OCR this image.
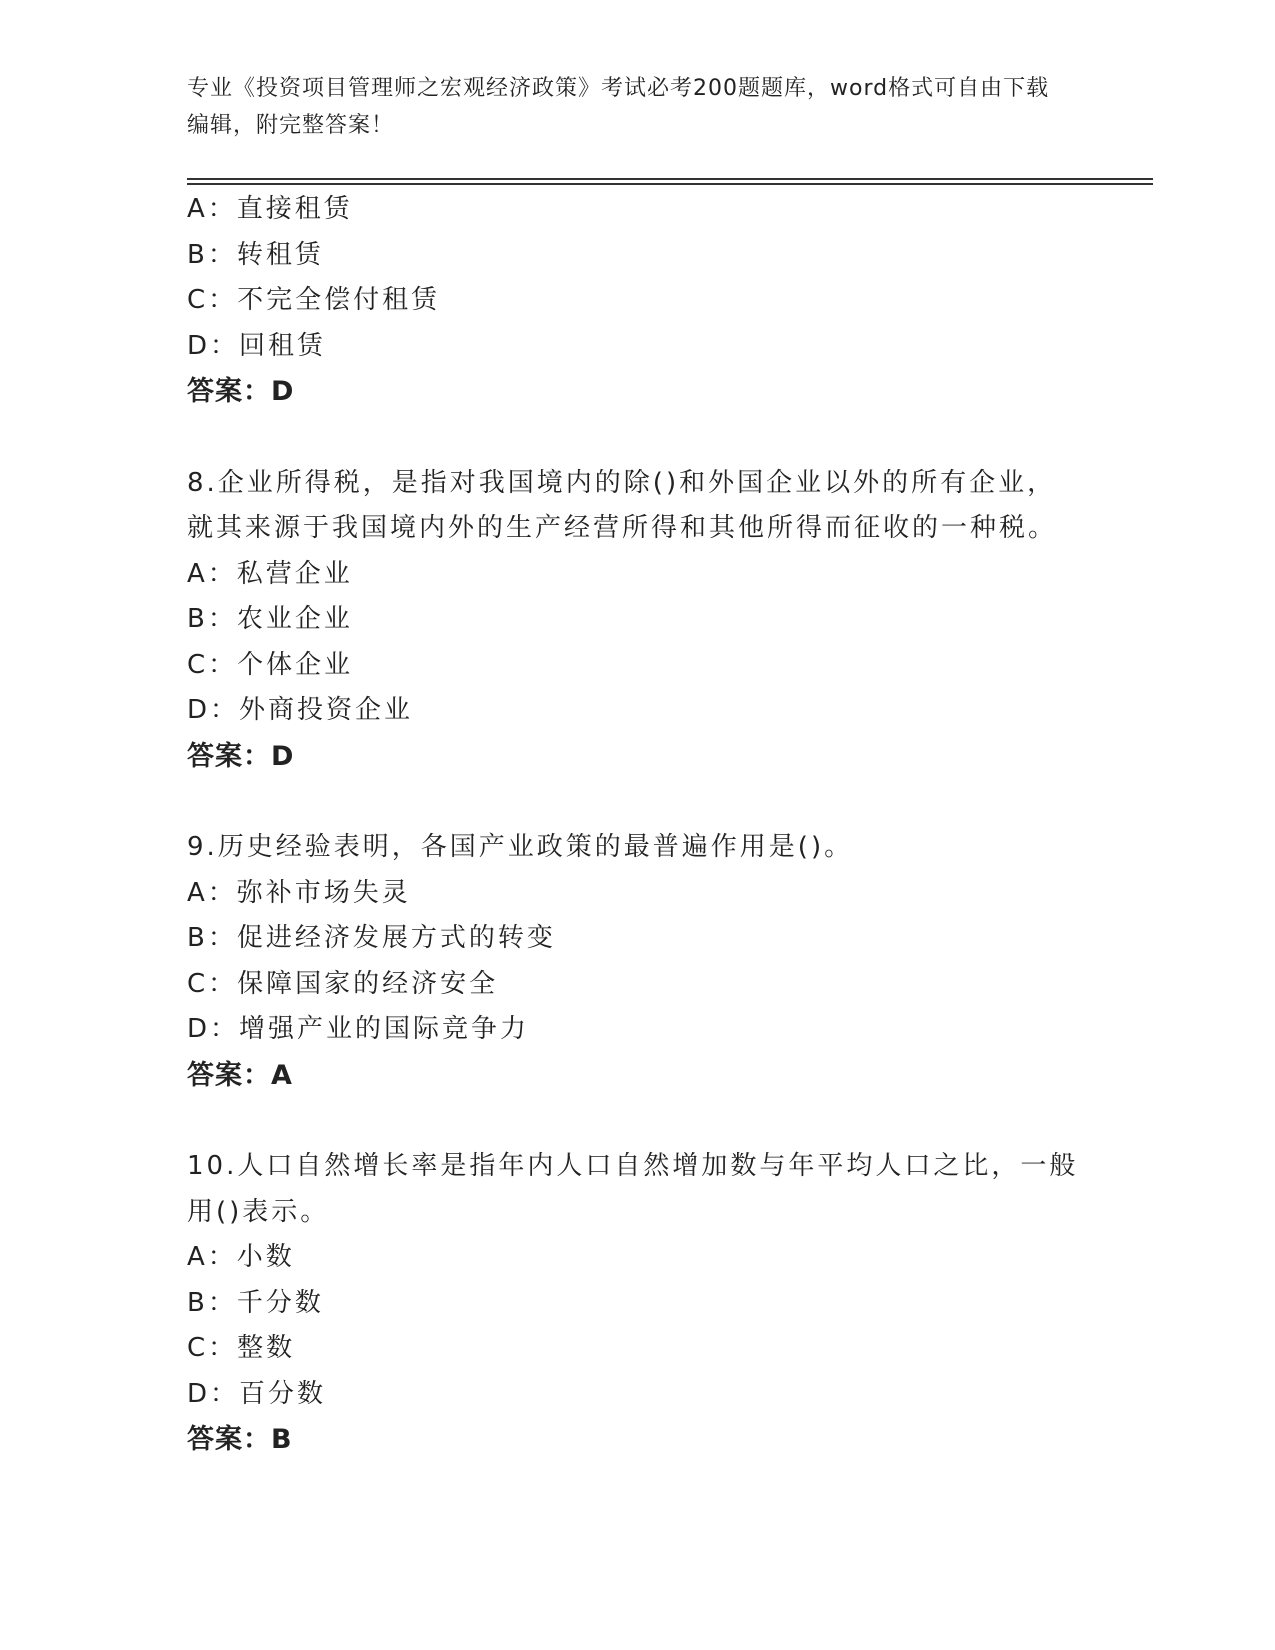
专业《投资项目管理师之宏观经济政策》考试必考200题题库，word格式可自由下载编辑，附完整答案！
A：直接租赁
B：转租赁
C：不完全偿付租赁
D：回租赁
答案：D
8.企业所得税，是指对我国境内的除()和外国企业以外的所有企业，
就其来源于我国境内外的生产经营所得和其他所得而征收的一种税。
A：私营企业
B：农业企业
C：个体企业
D：外商投资企业
答案：D
9.历史经验表明，各国产业政策的最普遍作用是()。
A：弥补市场失灵
B：促进经济发展方式的转变
C：保障国家的经济安全
D：增强产业的国际竞争力
答案：A
10.人口自然增长率是指年内人口自然增加数与年平均人口之比，一般
用()表示。
A：小数
B：千分数
C：整数
D：百分数
答案：B
